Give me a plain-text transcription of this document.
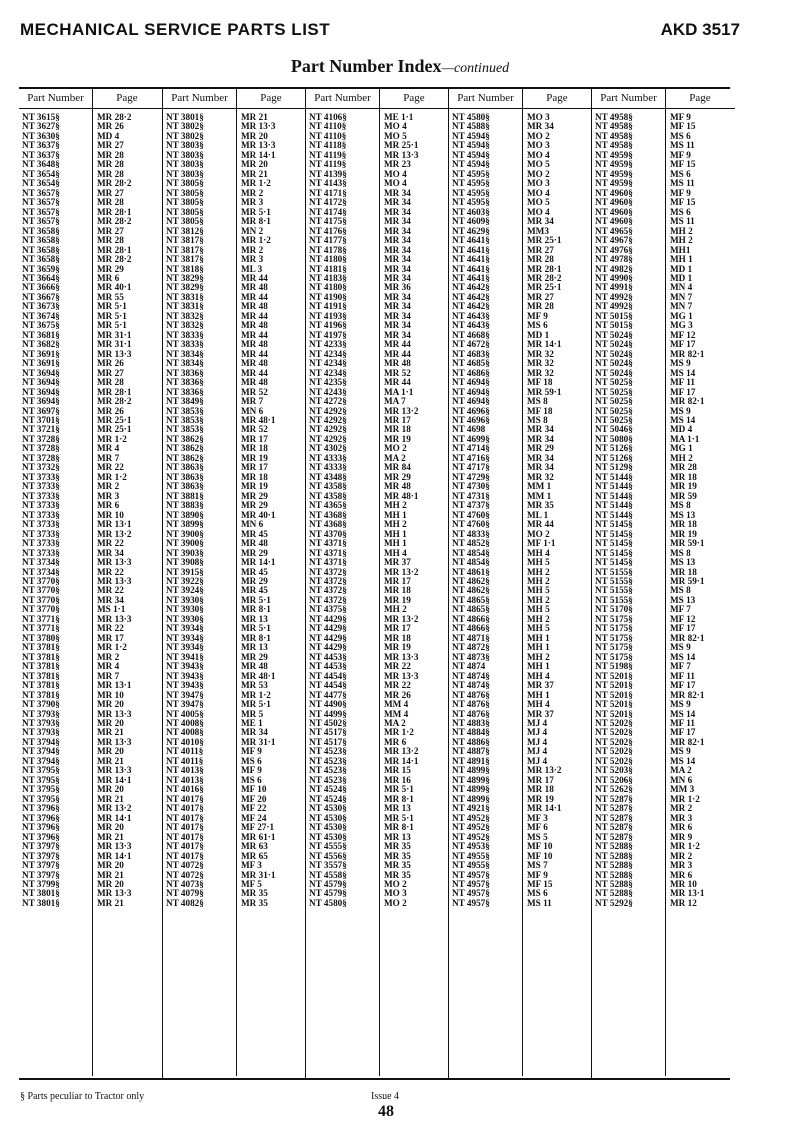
MECHANICAL SERVICE PARTS LIST	AKD 3517
Part Number Index—continued
Part Number	Page
NT 3615§	MR 28·2
NT 3627§	MR 26
NT 3630§	MD 4
NT 3637§	MR 27
NT 3637§	MR 28
NT 3648§	MR 28
NT 3654§	MR 28
NT 3654§	MR 28·2
NT 3657§	MR 27
NT 3657§	MR 28
NT 3657§	MR 28·1
NT 3657§	MR 28·2
NT 3658§	MR 27
NT 3658§	MR 28
NT 3658§	MR 28·1
NT 3658§	MR 28·2
NT 3659§	MR 29
NT 3664§	MR 6
NT 3666§	MR 40·1
NT 3667§	MR 55
NT 3673§	MR 5·1
NT 3674§	MR 5·1
NT 3675§	MR 5·1
NT 3681§	MR 31·1
NT 3682§	MR 31·1
NT 3691§	MR 13·3
NT 3691§	MR 26
NT 3694§	MR 27
NT 3694§	MR 28
NT 3694§	MR 28·1
NT 3694§	MR 28·2
NT 3697§	MR 26
NT 3701§	MR 25·1
NT 3721§	MR 25·1
NT 3728§	MR 1·2
NT 3728§	MR 4
NT 3728§	MR 7
NT 3732§	MR 22
NT 3733§	MR 1·2
NT 3733§	MR 2
NT 3733§	MR 3
NT 3733§	MR 6
NT 3733§	MR 10
NT 3733§	MR 13·1
NT 3733§	MR 13·2
NT 3733§	MR 22
NT 3733§	MR 34
NT 3734§	MR 13·3
NT 3734§	MR 22
NT 3770§	MR 13·3
NT 3770§	MR 22
NT 3770§	MR 34
NT 3770§	MS 1·1
NT 3771§	MR 13·3
NT 3771§	MR 22
NT 3780§	MR 17
NT 3781§	MR 1·2
NT 3781§	MR 2
NT 3781§	MR 4
NT 3781§	MR 7
NT 3781§	MR 13·1
NT 3781§	MR 10
NT 3790§	MR 20
NT 3793§	MR 13·3
NT 3793§	MR 20
NT 3793§	MR 21
NT 3794§	MR 13·3
NT 3794§	MR 20
NT 3794§	MR 21
NT 3795§	MR 13·3
NT 3795§	MR 14·1
NT 3795§	MR 20
NT 3795§	MR 21
NT 3796§	MR 13·2
NT 3796§	MR 14·1
NT 3796§	MR 20
NT 3796§	MR 21
NT 3797§	MR 13·3
NT 3797§	MR 14·1
NT 3797§	MR 20
NT 3797§	MR 21
NT 3799§	MR 20
NT 3801§	MR 13·3
NT 3801§	MR 21
Part Number	Page
NT 3801§	MR 21
NT 3802§	MR 13·3
NT 3802§	MR 20
NT 3803§	MR 13·3
NT 3803§	MR 14·1
NT 3803§	MR 20
NT 3803§	MR 21
NT 3805§	MR 1·2
NT 3805§	MR 2
NT 3805§	MR 3
NT 3805§	MR 5·1
NT 3805§	MR 8·1
NT 3812§	MN 2
NT 3817§	MR 1·2
NT 3817§	MR 2
NT 3817§	MR 3
NT 3818§	ML 3
NT 3829§	MR 44
NT 3829§	MR 48
NT 3831§	MR 44
NT 3831§	MR 48
NT 3832§	MR 44
NT 3832§	MR 48
NT 3833§	MR 44
NT 3833§	MR 48
NT 3834§	MR 44
NT 3834§	MR 48
NT 3836§	MR 44
NT 3836§	MR 48
NT 3836§	MR 52
NT 3849§	MR 7
NT 3853§	MN 6
NT 3853§	MR 48·1
NT 3853§	MR 52
NT 3862§	MR 17
NT 3862§	MR 18
NT 3862§	MR 19
NT 3863§	MR 17
NT 3863§	MR 18
NT 3863§	MR 19
NT 3881§	MR 29
NT 3883§	MR 29
NT 3890§	MR 40·1
NT 3899§	MN 6
NT 3900§	MR 45
NT 3900§	MR 48
NT 3903§	MR 29
NT 3908§	MR 14·1
NT 3915§	MR 45
NT 3922§	MR 29
NT 3924§	MR 45
NT 3930§	MR 5·1
NT 3930§	MR 8·1
NT 3930§	MR 13
NT 3934§	MR 5·1
NT 3934§	MR 8·1
NT 3934§	MR 13
NT 3941§	MR 29
NT 3943§	MR 48
NT 3943§	MR 48·1
NT 3943§	MR 53
NT 3947§	MR 1·2
NT 3947§	MR 5·1
NT 4005§	MR 5
NT 4008§	ME 1
NT 4008§	MR 34
NT 4010§	MR 31·1
NT 4011§	MF 9
NT 4011§	MS 6
NT 4013§	MF 9
NT 4013§	MS 6
NT 4016§	MF 10
NT 4017§	MF 20
NT 4017§	MF 22
NT 4017§	MF 24
NT 4017§	MF 27·1
NT 4017§	MR 61·1
NT 4017§	MR 63
NT 4017§	MR 65
NT 4072§	MF 3
NT 4072§	MR 31·1
NT 4073§	MF 5
NT 4079§	MR 35
NT 4082§	MR 35
Part Number	Page
NT 4106§	ME 1·1
NT 4110§	MO 4
NT 4110§	MO 5
NT 4118§	MR 25·1
NT 4119§	MR 13·3
NT 4119§	MR 23
NT 4139§	MO 4
NT 4143§	MO 4
NT 4171§	MR 34
NT 4172§	MR 34
NT 4174§	MR 34
NT 4175§	MR 34
NT 4176§	MR 34
NT 4177§	MR 34
NT 4178§	MR 34
NT 4180§	MR 34
NT 4181§	MR 34
NT 4183§	MR 34
NT 4180§	MR 36
NT 4190§	MR 34
NT 4191§	MR 34
NT 4193§	MR 34
NT 4196§	MR 34
NT 4197§	MR 34
NT 4233§	MR 44
NT 4234§	MR 44
NT 4234§	MR 48
NT 4234§	MR 52
NT 4235§	MR 44
NT 4243§	MA 1·1
NT 4272§	MA 7
NT 4292§	MR 13·2
NT 4292§	MR 17
NT 4292§	MR 18
NT 4292§	MR 19
NT 4302§	MO 2
NT 4333§	MA 2
NT 4333§	MR 84
NT 4348§	MR 29
NT 4358§	MR 48
NT 4358§	MR 48·1
NT 4365§	MH 2
NT 4368§	MH 1
NT 4368§	MH 2
NT 4370§	MH 1
NT 4371§	MH 1
NT 4371§	MH 4
NT 4371§	MR 37
NT 4372§	MR 13·2
NT 4372§	MR 17
NT 4372§	MR 18
NT 4372§	MR 19
NT 4375§	MH 2
NT 4429§	MR 13·2
NT 4429§	MR 17
NT 4429§	MR 18
NT 4429§	MR 19
NT 4453§	MR 13·3
NT 4453§	MR 22
NT 4454§	MR 13·3
NT 4454§	MR 22
NT 4477§	MR 26
NT 4490§	MM 4
NT 4499§	MM 4
NT 4502§	MA 2
NT 4517§	MR 1·2
NT 4517§	MR 6
NT 4523§	MR 13·2
NT 4523§	MR 14·1
NT 4523§	MR 15
NT 4523§	MR 16
NT 4524§	MR 5·1
NT 4524§	MR 8·1
NT 4530§	MR 13
NT 4530§	MR 5·1
NT 4530§	MR 8·1
NT 4530§	MR 13
NT 4555§	MR 35
NT 4556§	MR 35
NT 3557§	MR 35
NT 4558§	MR 35
NT 4579§	MO 2
NT 4579§	MO 3
NT 4580§	MO 2
Part Number	Page
NT 4580§	MO 3
NT 4588§	MR 34
NT 4594§	MO 2
NT 4594§	MO 3
NT 4594§	MO 4
NT 4594§	MO 5
NT 4595§	MO 2
NT 4595§	MO 3
NT 4595§	MO 4
NT 4595§	MO 5
NT 4603§	MO 4
NT 4609§	MR 34
NT 4629§	MM3
NT 4641§	MR 25·1
NT 4641§	MR 27
NT 4641§	MR 28
NT 4641§	MR 28·1
NT 4641§	MR 28·2
NT 4642§	MR 25·1
NT 4642§	MR 27
NT 4642§	MR 28
NT 4643§	MF 9
NT 4643§	MS 6
NT 4668§	MD 1
NT 4672§	MR 14·1
NT 4683§	MR 32
NT 4685§	MR 32
NT 4686§	MR 32
NT 4694§	MF 18
NT 4694§	MR 59·1
NT 4694§	MS 8
NT 4696§	MF 18
NT 4696§	MS 8
NT 4698	MR 34
NT 4699§	MR 34
NT 4714§	MR 29
NT 4716§	MR 34
NT 4717§	MR 34
NT 4729§	MR 32
NT 4730§	MM 1
NT 4731§	MM 1
NT 4737§	MR 35
NT 4760§	ML 1
NT 4760§	MR 44
NT 4833§	MO 2
NT 4852§	MF 1·1
NT 4854§	MH 4
NT 4854§	MH 5
NT 4861§	MH 2
NT 4862§	MH 2
NT 4862§	MH 5
NT 4865§	MH 2
NT 4865§	MH 5
NT 4866§	MH 2
NT 4866§	MH 5
NT 4871§	MH 1
NT 4872§	MH 1
NT 4873§	MH 2
NT 4874	MH 1
NT 4874§	MH 4
NT 4874§	MR 37
NT 4876§	MH 1
NT 4876§	MH 4
NT 4876§	MR 37
NT 4883§	MJ 4
NT 4884§	MJ 4
NT 4886§	MJ 4
NT 4887§	MJ 4
NT 4891§	MJ 4
NT 4899§	MR 13·2
NT 4899§	MR 17
NT 4899§	MR 18
NT 4899§	MR 19
NT 4921§	MR 14·1
NT 4952§	MF 3
NT 4952§	MF 6
NT 4952§	MS 5
NT 4953§	MF 10
NT 4955§	MF 10
NT 4955§	MS 7
NT 4957§	MF 9
NT 4957§	MF 15
NT 4957§	MS 6
NT 4957§	MS 11
Part Number	Page
NT 4958§	MF 9
NT 4958§	MF 15
NT 4958§	MS 6
NT 4958§	MS 11
NT 4959§	MF 9
NT 4959§	MF 15
NT 4959§	MS 6
NT 4959§	MS 11
NT 4960§	MF 9
NT 4960§	MF 15
NT 4960§	MS 6
NT 4960§	MS 11
NT 4965§	MH 2
NT 4967§	MH 2
NT 4976§	MH1
NT 4978§	MH 1
NT 4982§	MD 1
NT 4990§	MD 1
NT 4991§	MN 4
NT 4992§	MN 7
NT 4992§	MN 7
NT 5015§	MG 1
NT 5015§	MG 3
NT 5024§	MF 12
NT 5024§	MF 17
NT 5024§	MR 82·1
NT 5024§	MS 9
NT 5024§	MS 14
NT 5025§	MF 11
NT 5025§	MF 17
NT 5025§	MR 82·1
NT 5025§	MS 9
NT 5025§	MS 14
NT 5046§	MD 4
NT 5080§	MA 1·1
NT 5126§	MG 1
NT 5126§	MH 2
NT 5129§	MR 28
NT 5144§	MR 18
NT 5144§	MR 19
NT 5144§	MR 59
NT 5144§	MS 8
NT 5144§	MS 13
NT 5145§	MR 18
NT 5145§	MR 19
NT 5145§	MR 59·1
NT 5145§	MS 8
NT 5145§	MS 13
NT 5155§	MR 18
NT 5155§	MR 59·1
NT 5155§	MS 8
NT 5155§	MS 13
NT 5170§	MF 7
NT 5175§	MF 12
NT 5175§	MF 17
NT 5175§	MR 82·1
NT 5175§	MS 9
NT 5175§	MS 14
NT 5198§	MF 7
NT 5201§	MF 11
NT 5201§	MF 17
NT 5201§	MR 82·1
NT 5201§	MS 9
NT 5201§	MS 14
NT 5202§	MF 11
NT 5202§	MF 17
NT 5202§	MR 82·1
NT 5202§	MS 9
NT 5202§	MS 14
NT 5203§	MA 2
NT 5206§	MN 6
NT 5262§	MM 3
NT 5287§	MR 1·2
NT 5287§	MR 2
NT 5287§	MR 3
NT 5287§	MR 6
NT 5287§	MR 9
NT 5288§	MR 1·2
NT 5288§	MR 2
NT 5288§	MR 3
NT 5288§	MR 6
NT 5288§	MR 10
NT 5288§	MR 13·1
NT 5292§	MR 12
§ Parts peculiar to Tractor only	Issue 4
48
